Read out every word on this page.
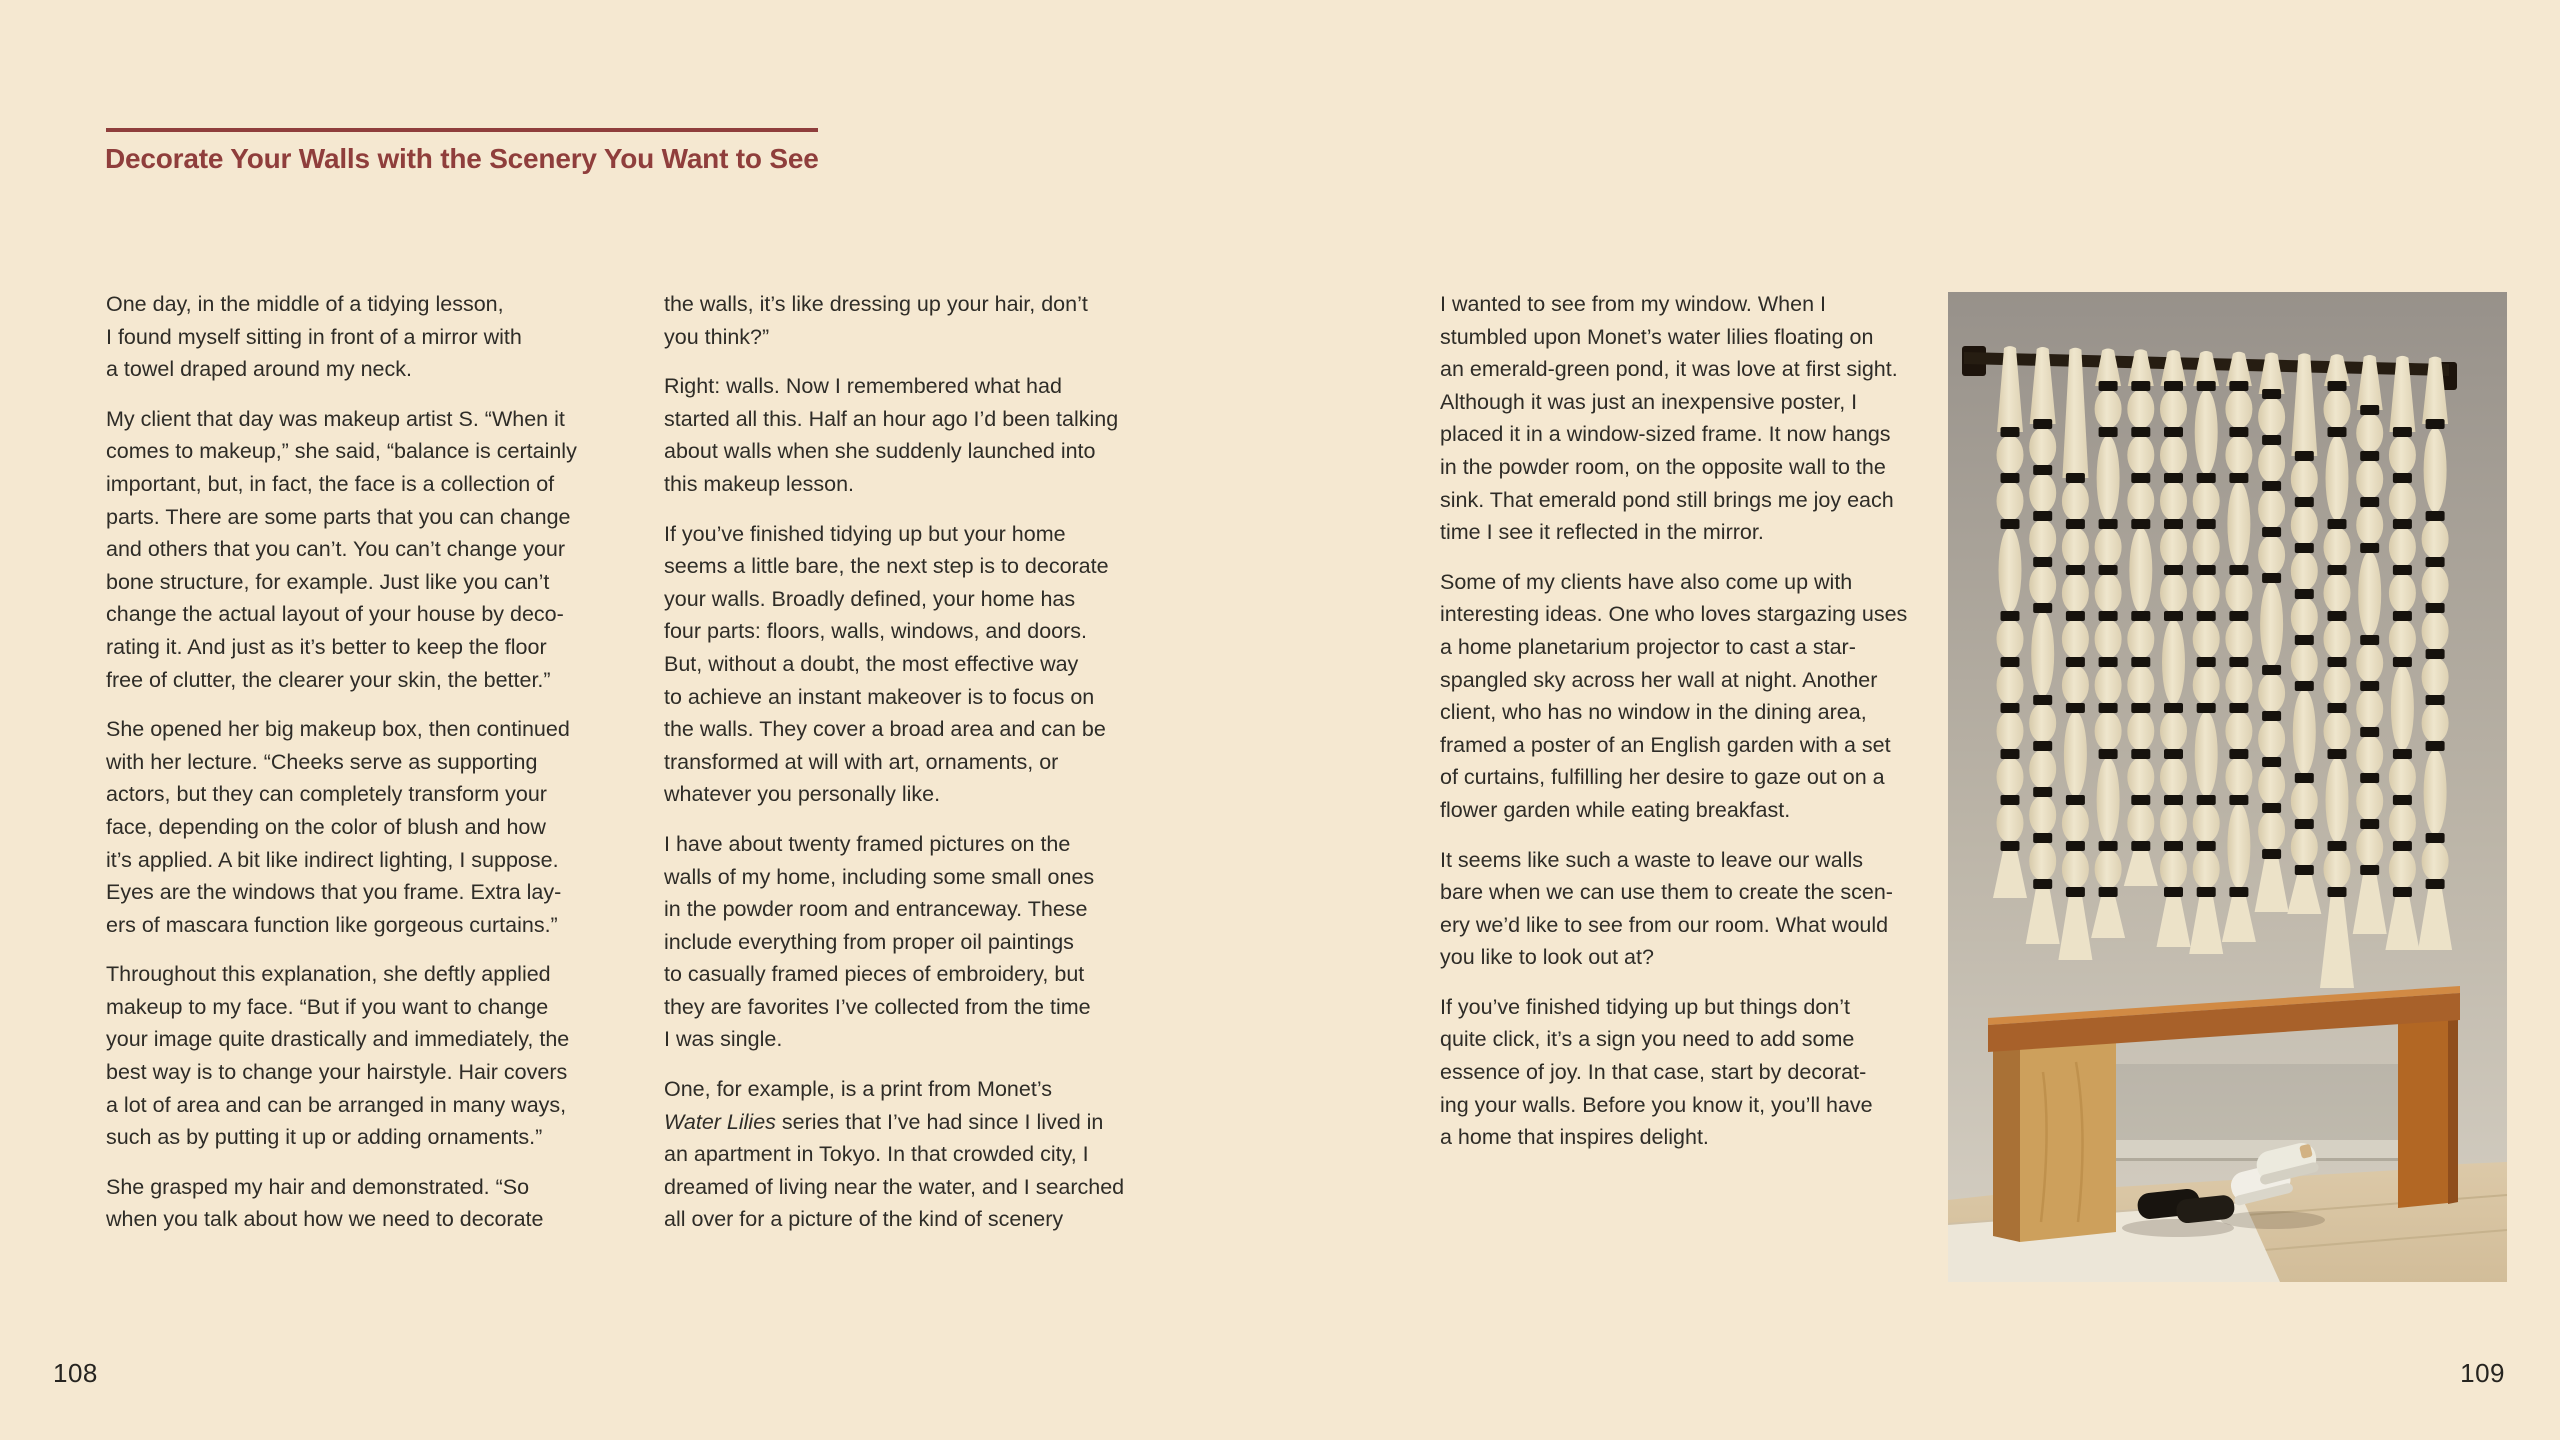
Decorate Your Walls with the Scenery You Want to See

One day, in the middle of a tidying lesson,
I found myself sitting in front of a mirror with
a towel draped around my neck.

My client that day was makeup artist S. “When it
comes to makeup,” she said, “balance is certainly
important, but, in fact, the face is a collection of
parts. There are some parts that you can change
and others that you can’t. You can’t change your
bone structure, for example. Just like you can’t
change the actual layout of your house by deco-
rating it. And just as it’s better to keep the floor
free of clutter, the clearer your skin, the better.”

She opened her big makeup box, then continued
with her lecture. “Cheeks serve as supporting
actors, but they can completely transform your
face, depending on the color of blush and how
it’s applied. A bit like indirect lighting, I suppose.
Eyes are the windows that you frame. Extra lay-
ers of mascara function like gorgeous curtains.”

Throughout this explanation, she deftly applied
makeup to my face. “But if you want to change
your image quite drastically and immediately, the
best way is to change your hairstyle. Hair covers
a lot of area and can be arranged in many ways,
such as by putting it up or adding ornaments.”

She grasped my hair and demonstrated. “So
when you talk about how we need to decorate

the walls, it’s like dressing up your hair, don’t
you think?”

Right: walls. Now I remembered what had
started all this. Half an hour ago I’d been talking
about walls when she suddenly launched into
this makeup lesson.

If you’ve finished tidying up but your home
seems a little bare, the next step is to decorate
your walls. Broadly defined, your home has
four parts: floors, walls, windows, and doors.
But, without a doubt, the most effective way
to achieve an instant makeover is to focus on
the walls. They cover a broad area and can be
transformed at will with art, ornaments, or
whatever you personally like.

I have about twenty framed pictures on the
walls of my home, including some small ones
in the powder room and entranceway. These
include everything from proper oil paintings
to casually framed pieces of embroidery, but
they are favorites I’ve collected from the time
I was single.

One, for example, is a print from Monet’s
Water Lilies series that I’ve had since I lived in
an apartment in Tokyo. In that crowded city, I
dreamed of living near the water, and I searched
all over for a picture of the kind of scenery

I wanted to see from my window. When I
stumbled upon Monet’s water lilies floating on
an emerald-green pond, it was love at first sight.
Although it was just an inexpensive poster, I
placed it in a window-sized frame. It now hangs
in the powder room, on the opposite wall to the
sink. That emerald pond still brings me joy each
time I see it reflected in the mirror.

Some of my clients have also come up with
interesting ideas. One who loves stargazing uses
a home planetarium projector to cast a star-
spangled sky across her wall at night. Another
client, who has no window in the dining area,
framed a poster of an English garden with a set
of curtains, fulfilling her desire to gaze out on a
flower garden while eating breakfast.

It seems like such a waste to leave our walls
bare when we can use them to create the scen-
ery we’d like to see from our room. What would
you like to look out at?

If you’ve finished tidying up but things don’t
quite click, it’s a sign you need to add some
essence of joy. In that case, start by decorat-
ing your walls. Before you know it, you’ll have
a home that inspires delight.

108	109
